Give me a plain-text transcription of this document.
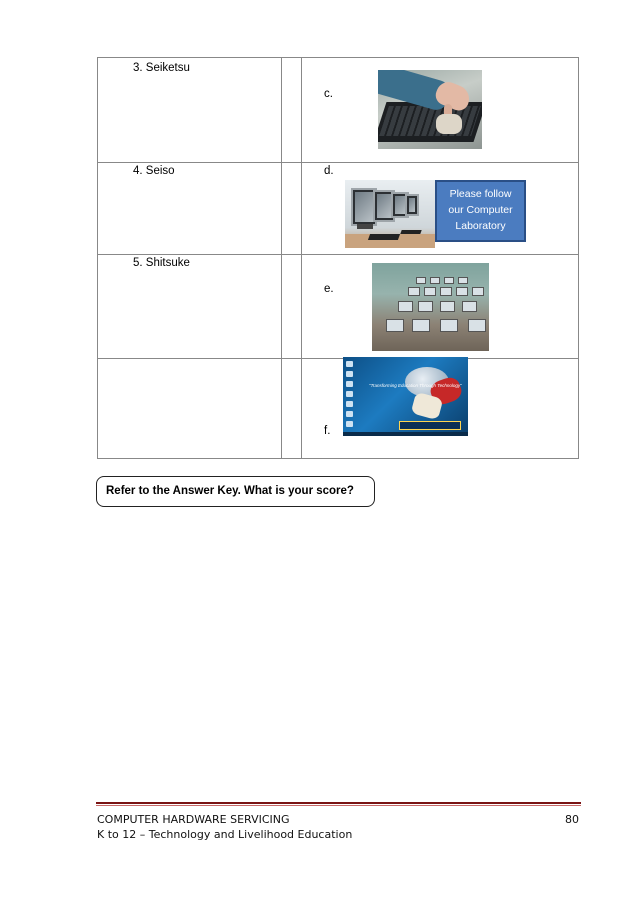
3. Seiketsu
4. Seiso
5. Shitsuke
c.
d.
e.
f.
Please follow
our Computer
Laboratory
"Transforming Education Through Technology"
Refer to the Answer Key. What is your score?
COMPUTER HARDWARE SERVICING
K to 12 – Technology and Livelihood Education
80
